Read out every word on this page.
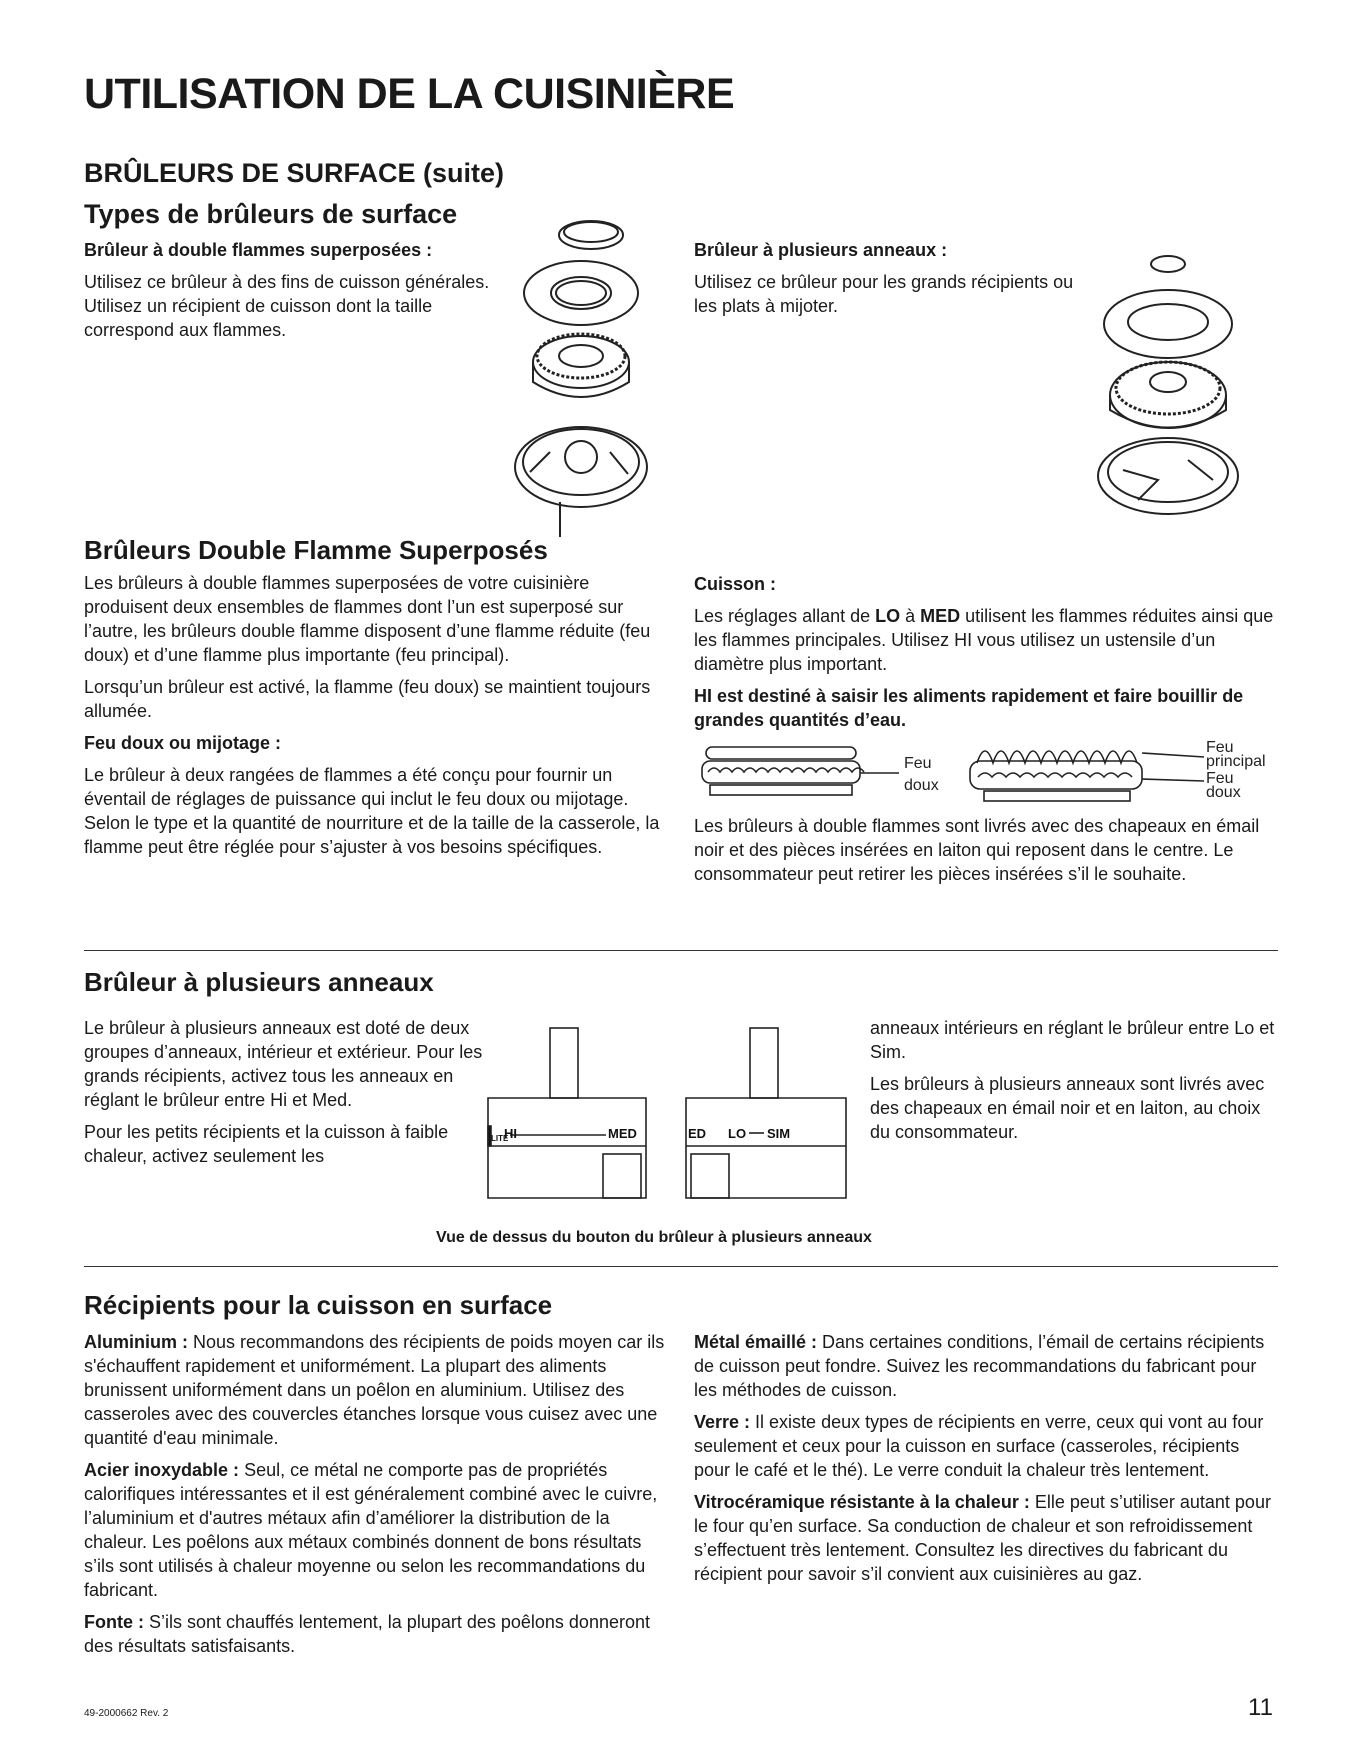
UTILISATION DE LA CUISINIÈRE
BRÛLEURS DE SURFACE (suite)
Types de brûleurs de surface

Brûleur à double flammes superposées :

Utilisez ce brûleur à des fins de cuisson générales. Utilisez un récipient de cuisson dont la taille correspond aux flammes.

Brûleur à plusieurs anneaux :

Utilisez ce brûleur pour les grands récipients ou les plats à mijoter.

Brûleurs Double Flamme Superposés

Les brûleurs à double flammes superposées de votre cuisinière produisent deux ensembles de flammes dont l’un est superposé sur l’autre, les brûleurs double flamme disposent d’une flamme réduite (feu doux) et d’une flamme plus importante (feu principal).

Lorsqu’un brûleur est activé, la flamme (feu doux) se maintient toujours allumée.

Feu doux ou mijotage :

Le brûleur à deux rangées de flammes a été conçu pour fournir un éventail de réglages de puissance qui inclut le feu doux ou mijotage. Selon le type et la quantité de nourriture et de la taille de la casserole, la flamme peut être réglée pour s’ajuster à vos besoins spécifiques.

Cuisson :

Les réglages allant de LO à MED utilisent les flammes réduites ainsi que les flammes principales. Utilisez HI vous utilisez un ustensile d’un diamètre plus important.

HI est destiné à saisir les aliments rapidement et faire bouillir de grandes quantités d’eau.

Feu
doux
Feu
principal
Feu
doux

Les brûleurs à double flammes sont livrés avec des chapeaux en émail noir et des pièces insérées en laiton qui reposent dans le centre. Le consommateur peut retirer les pièces insérées s’il le souhaite.

Brûleur à plusieurs anneaux

Le brûleur à plusieurs anneaux est doté de deux groupes d’anneaux, intérieur et extérieur. Pour les grands récipients, activez tous les anneaux en réglant le brûleur entre Hi et Med.

Pour les petits récipients et la cuisson à faible chaleur, activez seulement les

LITE
HI	MED	ED LO SIM

anneaux intérieurs en réglant le brûleur entre Lo et Sim.

Les brûleurs à plusieurs anneaux sont livrés avec des chapeaux en émail noir et en laiton, au choix du consommateur.

Vue de dessus du bouton du brûleur à plusieurs anneaux
Récipients pour la cuisson en surface

Aluminium : Nous recommandons des récipients de poids moyen car ils s'échauffent rapidement et uniformément. La plupart des aliments brunissent uniformément dans un poêlon en aluminium. Utilisez des casseroles avec des couvercles étanches lorsque vous cuisez avec une quantité d'eau minimale.

Acier inoxydable : Seul, ce métal ne comporte pas de propriétés calorifiques intéressantes et il est généralement combiné avec le cuivre, l’aluminium et d'autres métaux afin d’améliorer la distribution de la chaleur. Les poêlons aux métaux combinés donnent de bons résultats s’ils sont utilisés à chaleur moyenne ou selon les recommandations du fabricant.

Fonte : S’ils sont chauffés lentement, la plupart des poêlons donneront des résultats satisfaisants.

Métal émaillé : Dans certaines conditions, l’émail de certains récipients de cuisson peut fondre. Suivez les recommandations du fabricant pour les méthodes de cuisson.

Verre : Il existe deux types de récipients en verre, ceux qui vont au four seulement et ceux pour la cuisson en surface (casseroles, récipients pour le café et le thé). Le verre conduit la chaleur très lentement.

Vitrocéramique résistante à la chaleur : Elle peut s’utiliser autant pour le four qu’en surface. Sa conduction de chaleur et son refroidissement s’effectuent très lentement. Consultez les directives du fabricant du récipient pour savoir s’il convient aux cuisinières au gaz.

49-2000662 Rev. 2	11
